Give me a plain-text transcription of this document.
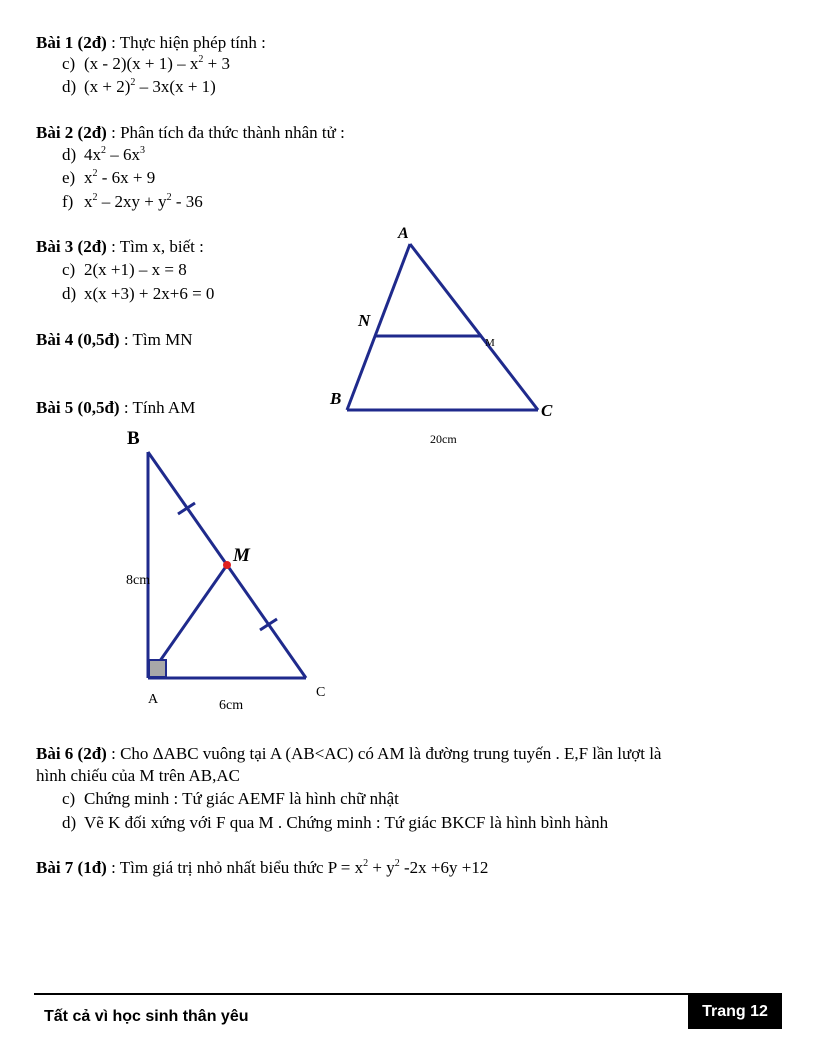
Bài 1 (2đ) : Thực hiện phép tính :
c) $(x - 2)(x + 1) - x^2 + 3$
d) $(x + 2)^2 - 3x(x + 1)$
Bài 2 (2đ) : Phân tích đa thức thành nhân tử :
d) $4x^2 - 6x^3$
e) $x^2 - 6x + 9$
f) $x^2 - 2xy + y^2 - 36$
Bài 3 (2đ) : Tìm x, biết :
c) 2(x +1) – x = 8
d) x(x +3) + 2x+6 = 0
Bài 4 (0,5đ) : Tìm MN
Bài 5 (0,5đ) : Tính AM
A
N
M
B
C
20cm
B
M
8cm
A	6cm
C
Bài 6 (2đ) : Cho ΔABC vuông tại A (AB<AC) có AM là đường trung tuyến . E,F lần lượt là
hình chiếu của M trên AB,AC
c) Chứng minh : Tứ giác AEMF là hình chữ nhật
d) Vẽ K đối xứng với F qua M . Chứng minh : Tứ giác BKCF là hình bình hành
Bài 7 (1đ) : Tìm giá trị nhỏ nhất biểu thức $P = x^2 + y^2$ -2x +6y +12
Tất cả vì học sinh thân yêu	Trang 12
